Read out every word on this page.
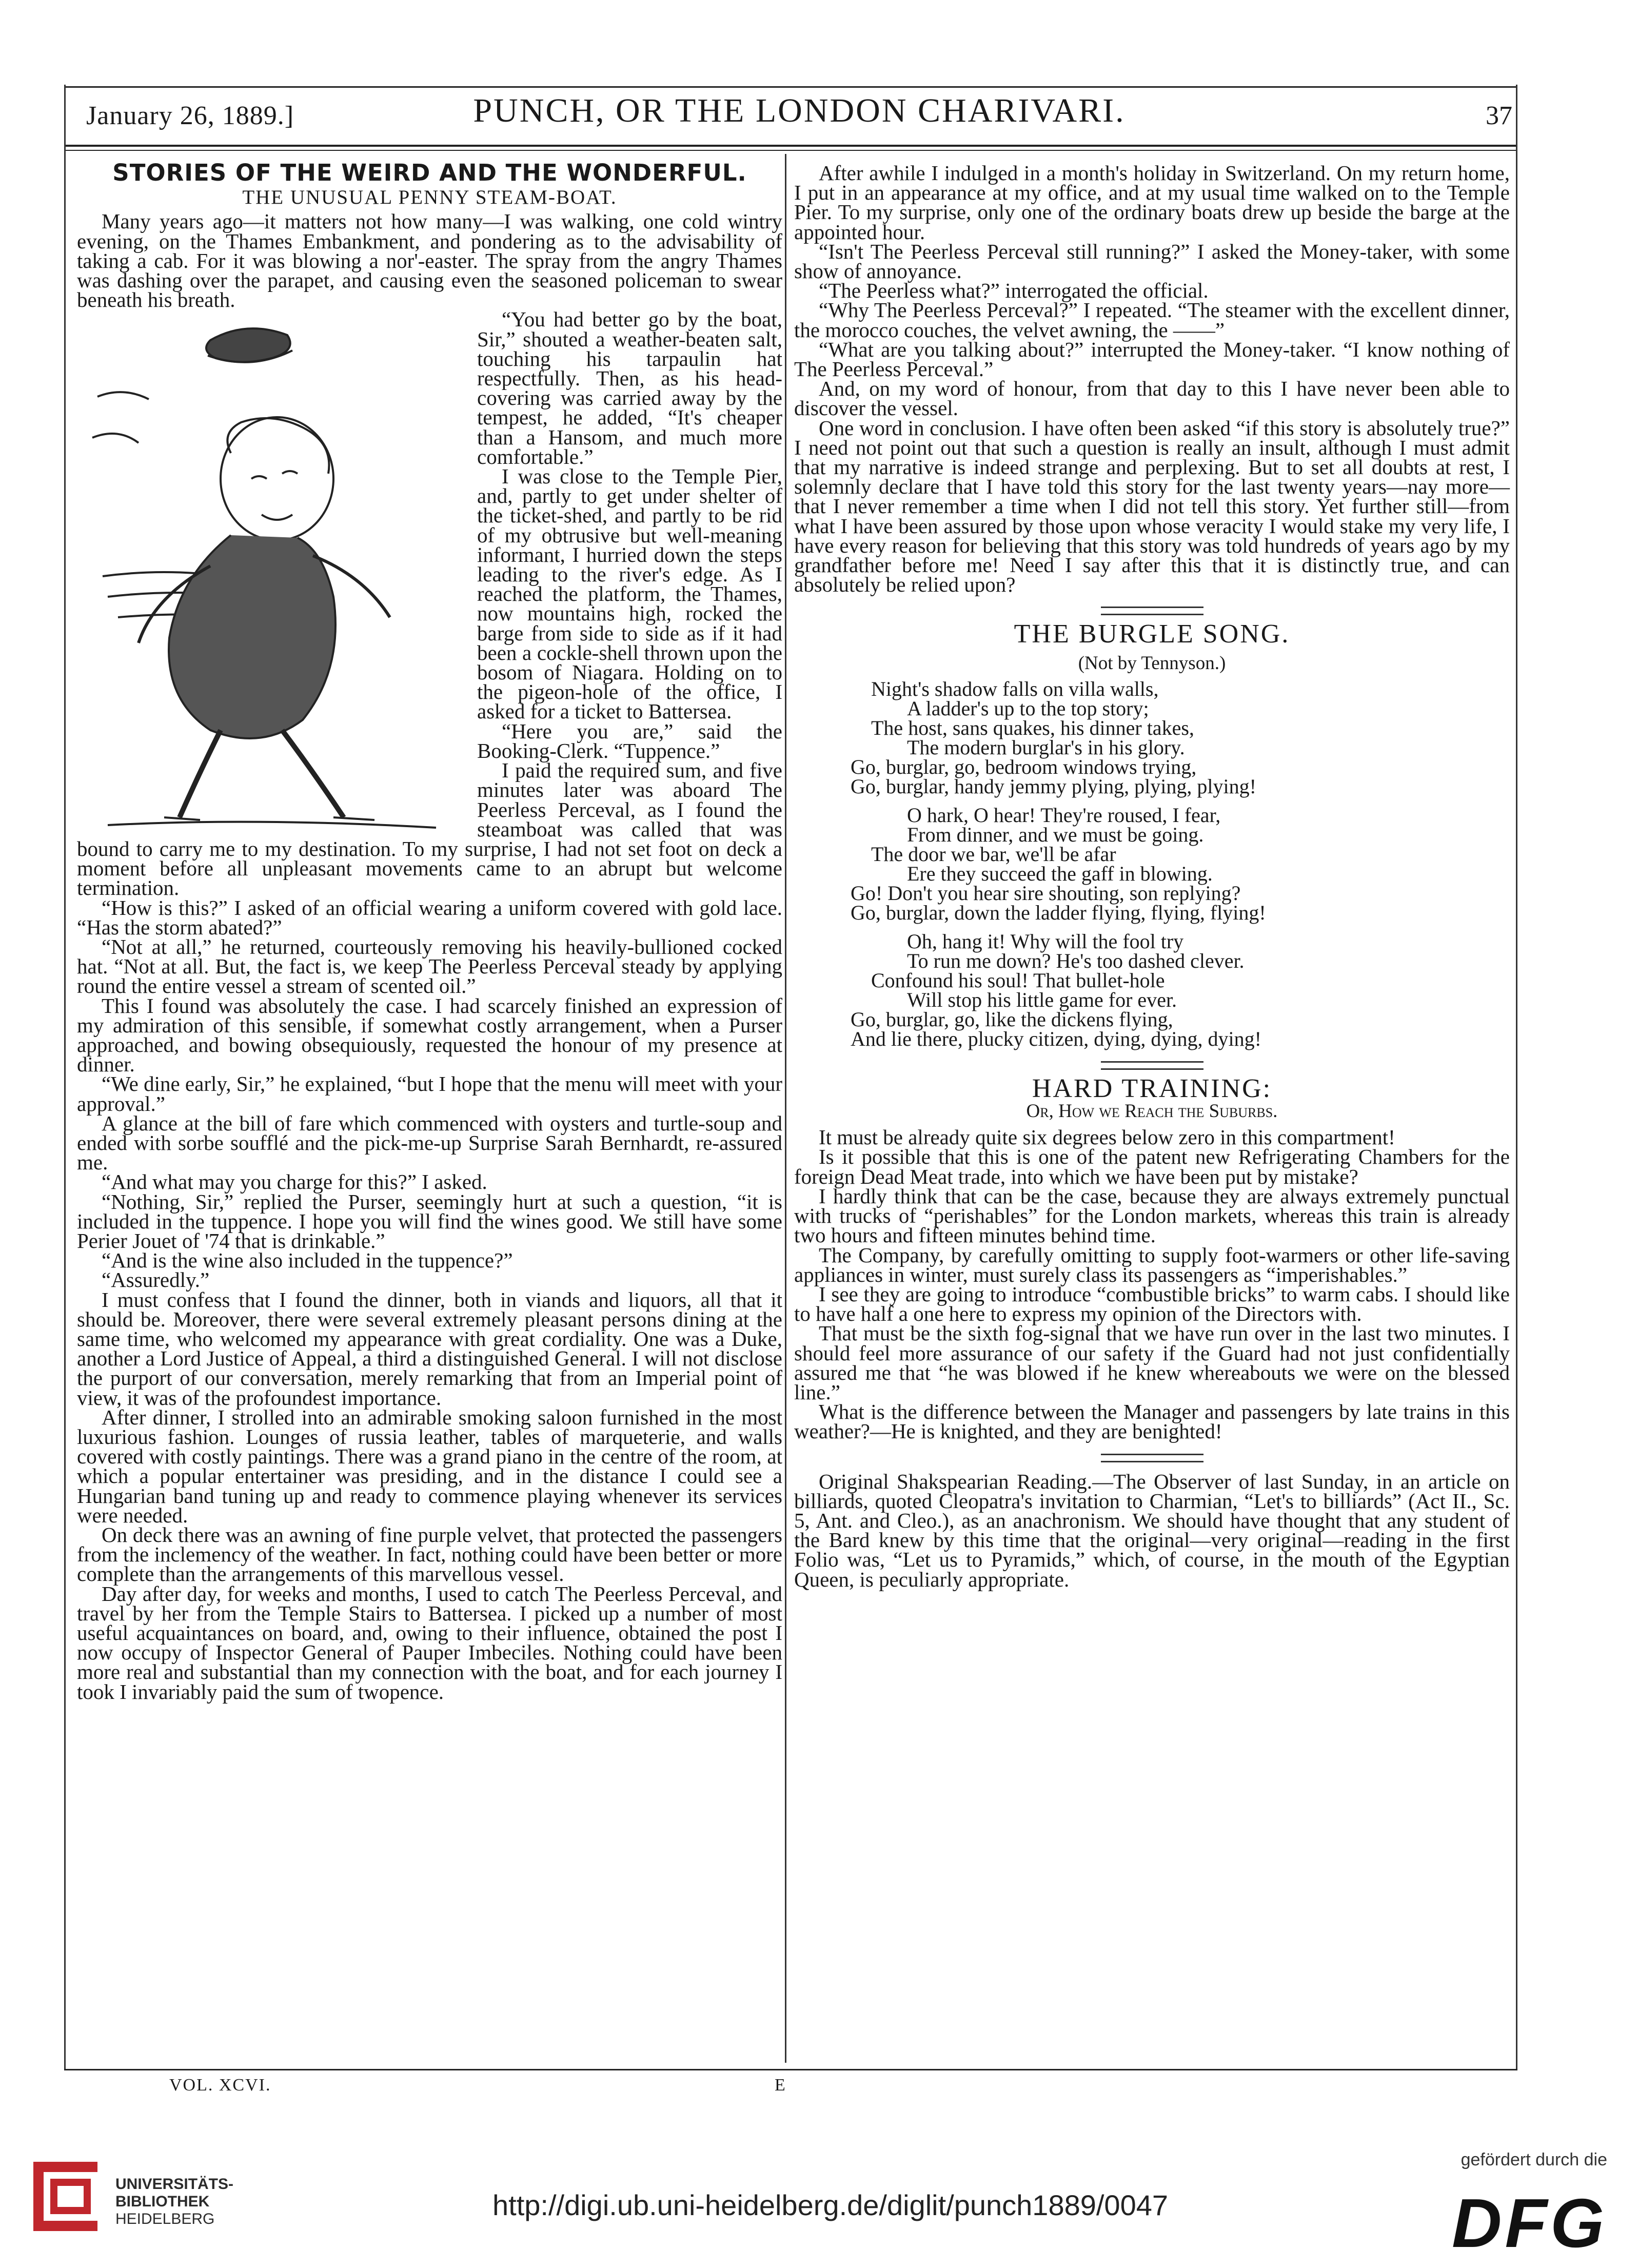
January 26, 1889.]	PUNCH, OR THE LONDON CHARIVARI.	37
STORIES OF THE WEIRD AND THE WONDERFUL.
THE UNUSUAL PENNY STEAM-BOAT.

Many years ago—it matters not how many—I was walking, one cold wintry evening, on the Thames Embankment, and pondering as to the advisability of taking a cab. For it was blowing a nor'-easter. The spray from the angry Thames was dashing over the parapet, and causing even the seasoned policeman to swear beneath his breath.

“You had better go by the boat, Sir,” shouted a weather-beaten salt, touching his tarpaulin hat respectfully. Then, as his head-covering was carried away by the tempest, he added, “It's cheaper than a Hansom, and much more comfortable.”

I was close to the Temple Pier, and, partly to get under shelter of the ticket-shed, and partly to be rid of my obtrusive but well-meaning informant, I hurried down the steps leading to the river's edge. As I reached the platform, the Thames, now mountains high, rocked the barge from side to side as if it had been a cockle-shell thrown upon the bosom of Niagara. Holding on to the pigeon-hole of the office, I asked for a ticket to Battersea.

“Here you are,” said the Booking-Clerk. “Tuppence.”

I paid the required sum, and five minutes later was aboard The Peerless Perceval, as I found the steamboat was called that was bound to carry me to my destination. To my surprise, I had not set foot on deck a moment before all unpleasant movements came to an abrupt but welcome termination.

“How is this?” I asked of an official wearing a uniform covered with gold lace. “Has the storm abated?”

“Not at all,” he returned, courteously removing his heavily-bullioned cocked hat. “Not at all. But, the fact is, we keep The Peerless Perceval steady by applying round the entire vessel a stream of scented oil.”

This I found was absolutely the case. I had scarcely finished an expression of my admiration of this sensible, if somewhat costly arrangement, when a Purser approached, and bowing obsequiously, requested the honour of my presence at dinner.

“We dine early, Sir,” he explained, “but I hope that the menu will meet with your approval.”

A glance at the bill of fare which commenced with oysters and turtle-soup and ended with sorbe soufflé and the pick-me-up Surprise Sarah Bernhardt, re-assured me.

“And what may you charge for this?” I asked.

“Nothing, Sir,” replied the Purser, seemingly hurt at such a question, “it is included in the tuppence. I hope you will find the wines good. We still have some Perier Jouet of '74 that is drinkable.”

“And is the wine also included in the tuppence?”

“Assuredly.”

I must confess that I found the dinner, both in viands and liquors, all that it should be. Moreover, there were several extremely pleasant persons dining at the same time, who welcomed my appearance with great cordiality. One was a Duke, another a Lord Justice of Appeal, a third a distinguished General. I will not disclose the purport of our conversation, merely remarking that from an Imperial point of view, it was of the profoundest importance.

After dinner, I strolled into an admirable smoking saloon furnished in the most luxurious fashion. Lounges of russia leather, tables of marqueterie, and walls covered with costly paintings. There was a grand piano in the centre of the room, at which a popular entertainer was presiding, and in the distance I could see a Hungarian band tuning up and ready to commence playing whenever its services were needed.

On deck there was an awning of fine purple velvet, that protected the passengers from the inclemency of the weather. In fact, nothing could have been better or more complete than the arrangements of this marvellous vessel.

Day after day, for weeks and months, I used to catch The Peerless Perceval, and travel by her from the Temple Stairs to Battersea. I picked up a number of most useful acquaintances on board, and, owing to their influence, obtained the post I now occupy of Inspector General of Pauper Imbeciles. Nothing could have been more real and substantial than my connection with the boat, and for each journey I took I invariably paid the sum of twopence.

After awhile I indulged in a month's holiday in Switzerland. On my return home, I put in an appearance at my office, and at my usual time walked on to the Temple Pier. To my surprise, only one of the ordinary boats drew up beside the barge at the appointed hour.

“Isn't The Peerless Perceval still running?” I asked the Money-taker, with some show of annoyance.

“The Peerless what?” interrogated the official.

“Why The Peerless Perceval?” I repeated. “The steamer with the excellent dinner, the morocco couches, the velvet awning, the ——”

“What are you talking about?” interrupted the Money-taker. “I know nothing of The Peerless Perceval.”

And, on my word of honour, from that day to this I have never been able to discover the vessel.

One word in conclusion. I have often been asked “if this story is absolutely true?” I need not point out that such a question is really an insult, although I must admit that my narrative is indeed strange and perplexing. But to set all doubts at rest, I solemnly declare that I have told this story for the last twenty years—nay more—that I never remember a time when I did not tell this story. Yet further still—from what I have been assured by those upon whose veracity I would stake my very life, I have every reason for believing that this story was told hundreds of years ago by my grandfather before me! Need I say after this that it is distinctly true, and can absolutely be relied upon?

THE BURGLE SONG.
(Not by Tennyson.)
Night's shadow falls on villa walls,
A ladder's up to the top story;
The host, sans quakes, his dinner takes,
The modern burglar's in his glory.
Go, burglar, go, bedroom windows trying,
Go, burglar, handy jemmy plying, plying, plying!
O hark, O hear! They're roused, I fear,
From dinner, and we must be going.
The door we bar, we'll be afar
Ere they succeed the gaff in blowing.
Go! Don't you hear sire shouting, son replying?
Go, burglar, down the ladder flying, flying, flying!
Oh, hang it! Why will the fool try
To run me down? He's too dashed clever.
Confound his soul! That bullet-hole
Will stop his little game for ever.
Go, burglar, go, like the dickens flying,
And lie there, plucky citizen, dying, dying, dying!
HARD TRAINING:
Or, How we Reach the Suburbs.

It must be already quite six degrees below zero in this compartment!

Is it possible that this is one of the patent new Refrigerating Chambers for the foreign Dead Meat trade, into which we have been put by mistake?

I hardly think that can be the case, because they are always extremely punctual with trucks of “perishables” for the London markets, whereas this train is already two hours and fifteen minutes behind time.

The Company, by carefully omitting to supply foot-warmers or other life-saving appliances in winter, must surely class its passengers as “imperishables.”

I see they are going to introduce “combustible bricks” to warm cabs. I should like to have half a one here to express my opinion of the Directors with.

That must be the sixth fog-signal that we have run over in the last two minutes. I should feel more assurance of our safety if the Guard had not just confidentially assured me that “he was blowed if he knew whereabouts we were on the blessed line.”

What is the difference between the Manager and passengers by late trains in this weather?—He is knighted, and they are benighted!

Original Shakspearian Reading.—The Observer of last Sunday, in an article on billiards, quoted Cleopatra's invitation to Charmian, “Let's to billiards” (Act II., Sc. 5, Ant. and Cleo.), as an anachronism. We should have thought that any student of the Bard knew by this time that the original—very original—reading in the first Folio was, “Let us to Pyramids,” which, of course, in the mouth of the Egyptian Queen, is peculiarly appropriate.

VOL. XCVI.	E
UNIVERSITÄTS-
BIBLIOTHEK
HEIDELBERG	http://digi.ub.uni-heidelberg.de/diglit/punch1889/0047
gefördert durch die
DFG
